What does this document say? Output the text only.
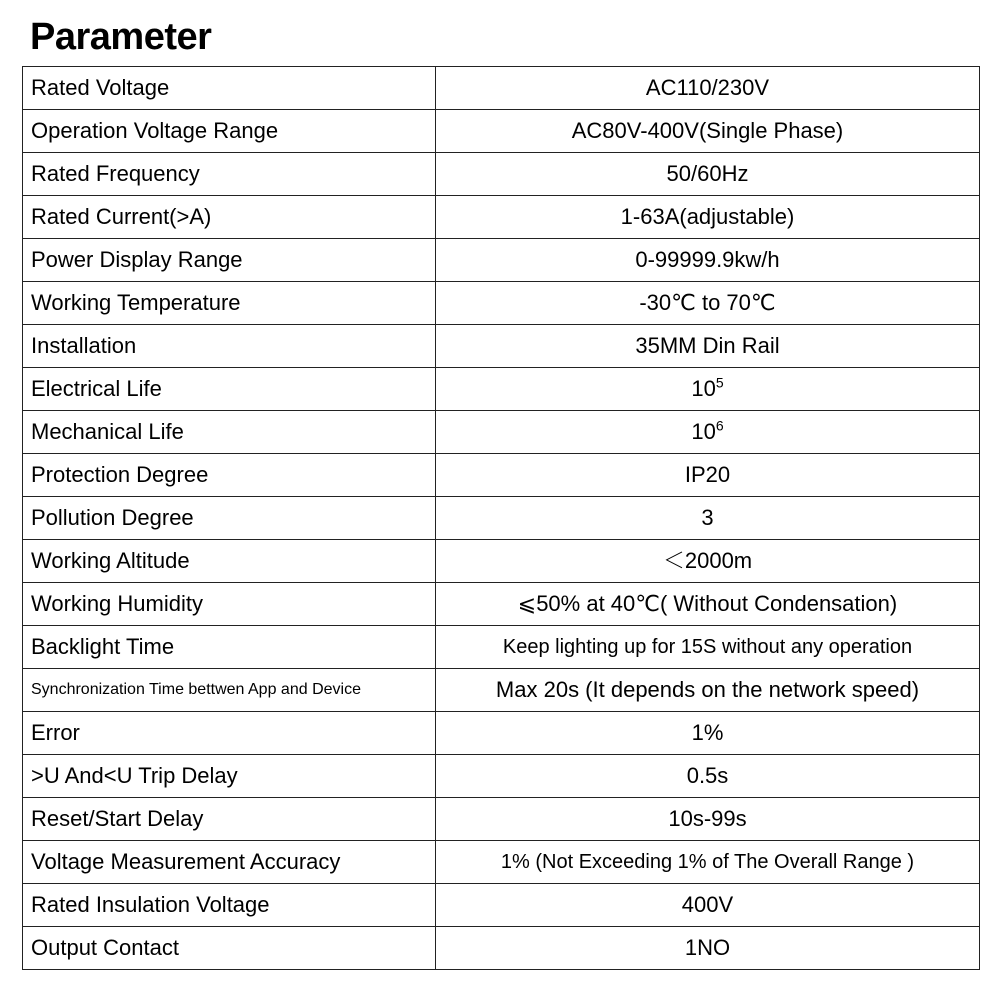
Parameter
Rated Voltage	AC110/230V
Operation Voltage Range	AC80V-400V(Single Phase)
Rated Frequency	50/60Hz
Rated Current(>A)	1-63A(adjustable)
Power Display Range	0-99999.9kw/h
Working Temperature	-30℃ to 70℃
Installation	35MM Din Rail
Electrical Life	$10^5$
Mechanical Life	$10^6$
Protection Degree	IP20
Pollution Degree	3
Working Altitude	＜2000m
Working Humidity	⩽50% at 40℃( Without Condensation)
Backlight Time	Keep lighting up for 15S without any operation
Synchronization Time bettwen App and Device	Max 20s (It depends on the network speed)
Error	1%
>U And<U Trip Delay	0.5s
Reset/Start Delay	10s-99s
Voltage Measurement Accuracy	1% (Not Exceeding 1% of The Overall Range )
Rated Insulation Voltage	400V
Output Contact	1NO
